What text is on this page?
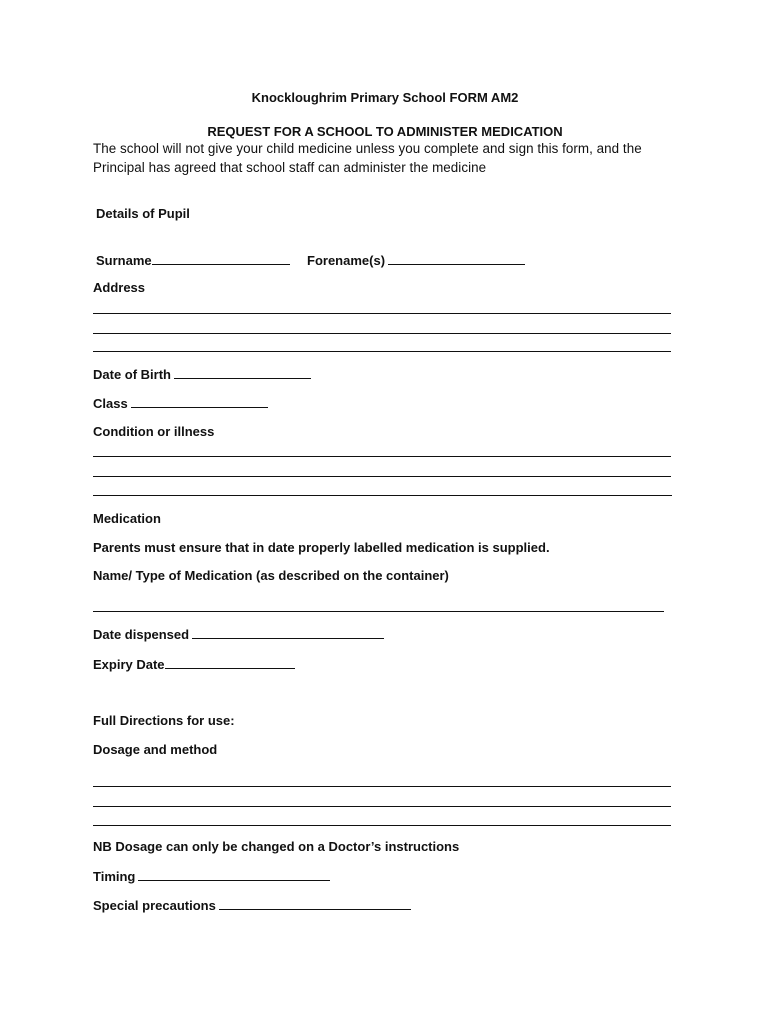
Knockloughrim Primary School FORM AM2
REQUEST FOR A SCHOOL TO ADMINISTER MEDICATION
The school will not give your child medicine unless you complete and sign this form, and the Principal has agreed that school staff can administer the medicine
Details of Pupil
Surname	Forename(s)
Address
Date of Birth
Class
Condition or illness
Medication
Parents must ensure that in date properly labelled medication is supplied.
Name/ Type of Medication (as described on the container)
Date dispensed
Expiry Date
Full Directions for use:
Dosage and method
NB Dosage can only be changed on a Doctor’s instructions
Timing
Special precautions
